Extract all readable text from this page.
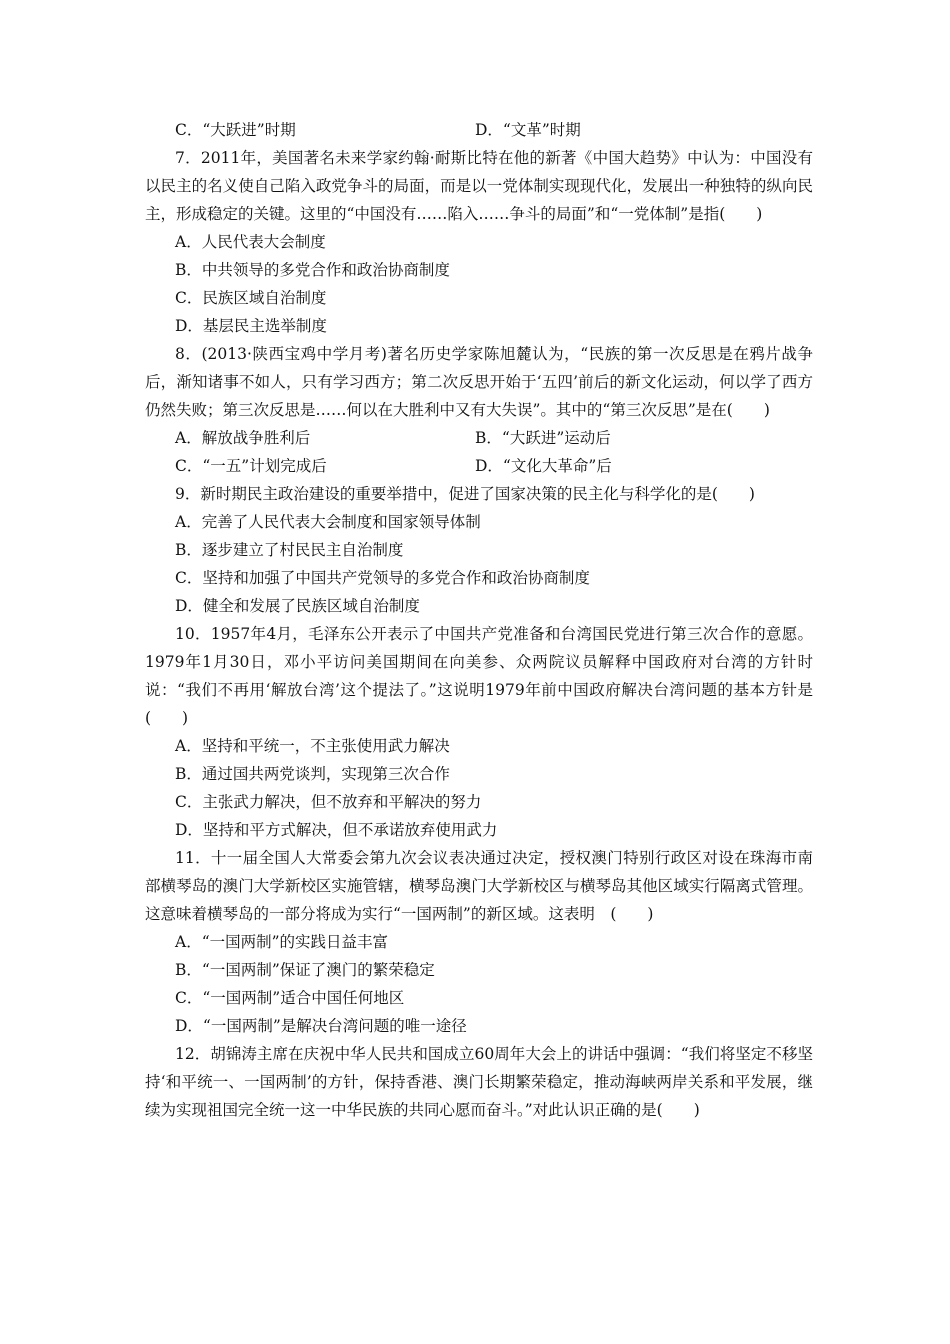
C．“大跃进”时期	D．“文革”时期
7．2011年，美国著名未来学家约翰·耐斯比特在他的新著《中国大趋势》中认为：中国没有以民主的名义使自己陷入政党争斗的局面，而是以一党体制实现现代化，发展出一种独特的纵向民主，形成稳定的关键。这里的“中国没有……陷入……争斗的局面”和“一党体制”是指(　　)
A．人民代表大会制度
B．中共领导的多党合作和政治协商制度
C．民族区域自治制度
D．基层民主选举制度
8．(2013·陕西宝鸡中学月考)著名历史学家陈旭麓认为，“民族的第一次反思是在鸦片战争后，渐知诸事不如人，只有学习西方；第二次反思开始于‘五四’前后的新文化运动，何以学了西方仍然失败；第三次反思是……何以在大胜利中又有大失误”。其中的“第三次反思”是在(　　)
A．解放战争胜利后	B．“大跃进”运动后
C．“一五”计划完成后	D．“文化大革命”后
9．新时期民主政治建设的重要举措中，促进了国家决策的民主化与科学化的是(　　)
A．完善了人民代表大会制度和国家领导体制
B．逐步建立了村民民主自治制度
C．坚持和加强了中国共产党领导的多党合作和政治协商制度
D．健全和发展了民族区域自治制度
10．1957年4月，毛泽东公开表示了中国共产党准备和台湾国民党进行第三次合作的意愿。1979年1月30日，邓小平访问美国期间在向美参、众两院议员解释中国政府对台湾的方针时说：“我们不再用‘解放台湾’这个提法了。”这说明1979年前中国政府解决台湾问题的基本方针是(　　)
A．坚持和平统一，不主张使用武力解决
B．通过国共两党谈判，实现第三次合作
C．主张武力解决，但不放弃和平解决的努力
D．坚持和平方式解决，但不承诺放弃使用武力
11．十一届全国人大常委会第九次会议表决通过决定，授权澳门特别行政区对设在珠海市南部横琴岛的澳门大学新校区实施管辖，横琴岛澳门大学新校区与横琴岛其他区域实行隔离式管理。这意味着横琴岛的一部分将成为实行“一国两制”的新区域。这表明　(　　)
A．“一国两制”的实践日益丰富
B．“一国两制”保证了澳门的繁荣稳定
C．“一国两制”适合中国任何地区
D．“一国两制”是解决台湾问题的唯一途径
12．胡锦涛主席在庆祝中华人民共和国成立60周年大会上的讲话中强调：“我们将坚定不移坚持‘和平统一、一国两制’的方针，保持香港、澳门长期繁荣稳定，推动海峡两岸关系和平发展，继续为实现祖国完全统一这一中华民族的共同心愿而奋斗。”对此认识正确的是(　　)
